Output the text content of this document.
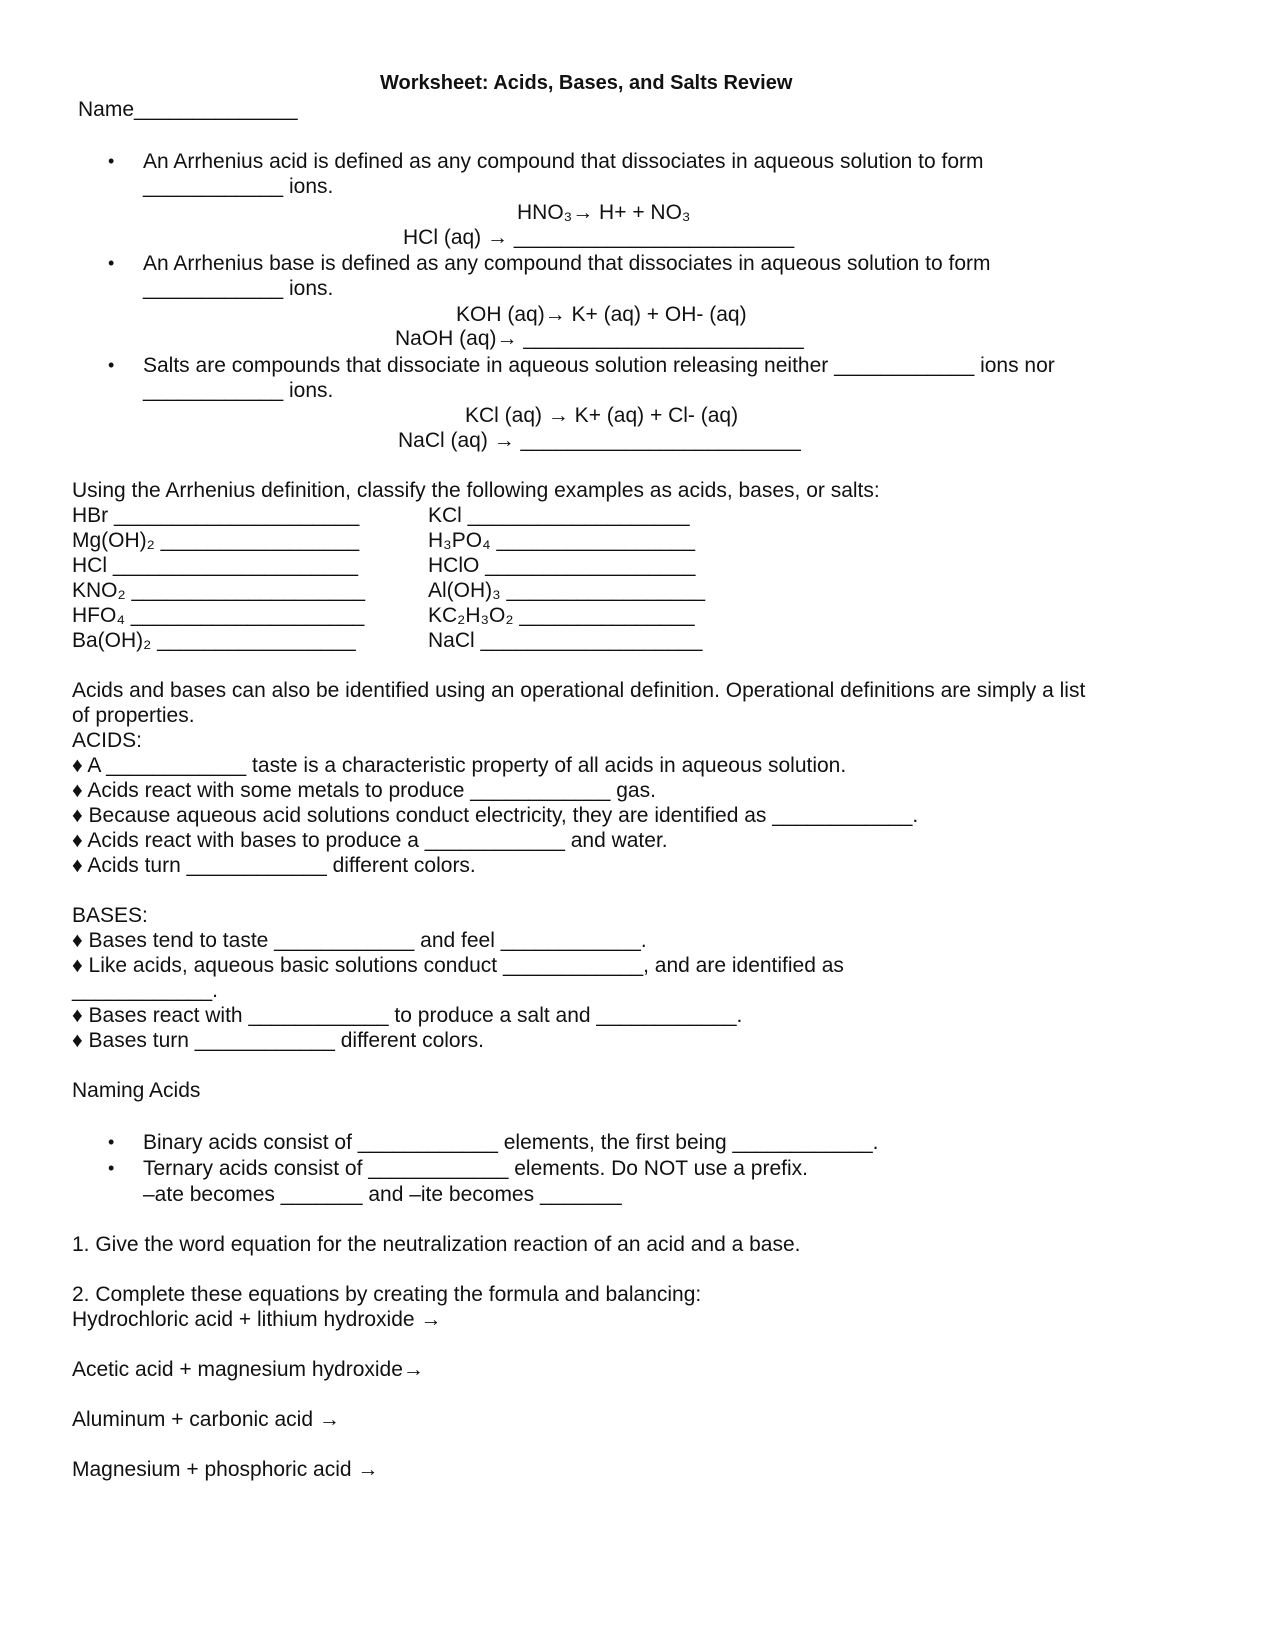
Worksheet: Acids, Bases, and Salts Review
Name______________
• An Arrhenius acid is defined as any compound that dissociates in aqueous solution to form
____________ ions.
HNO₃→ H+ + NO₃
HCl (aq) → ________________________
• An Arrhenius base is defined as any compound that dissociates in aqueous solution to form
____________ ions.
KOH (aq)→ K+ (aq) + OH- (aq)
NaOH (aq)→ ________________________
• Salts are compounds that dissociate in aqueous solution releasing neither ____________ ions nor
____________ ions.
KCl (aq) → K+ (aq) + Cl- (aq)
NaCl (aq) → ________________________
Using the Arrhenius definition, classify the following examples as acids, bases, or salts:
HBr _____________________
Mg(OH)₂ _________________
HCl _____________________
KNO₂ ____________________
HFO₄ ____________________
Ba(OH)₂ _________________
KCl ___________________
H₃PO₄ _________________
HClO __________________
Al(OH)₃ _________________
KC₂H₃O₂ _______________
NaCl ___________________
Acids and bases can also be identified using an operational definition. Operational definitions are simply a list
of properties.
ACIDS:
♦ A ____________ taste is a characteristic property of all acids in aqueous solution.
♦ Acids react with some metals to produce ____________ gas.
♦ Because aqueous acid solutions conduct electricity, they are identified as ____________.
♦ Acids react with bases to produce a ____________ and water.
♦ Acids turn ____________ different colors.
BASES:
♦ Bases tend to taste ____________ and feel ____________.
♦ Like acids, aqueous basic solutions conduct ____________, and are identified as
____________.
♦ Bases react with ____________ to produce a salt and ____________.
♦ Bases turn ____________ different colors.
Naming Acids
• Binary acids consist of ____________ elements, the first being ____________.
• Ternary acids consist of ____________ elements. Do NOT use a prefix.
–ate becomes _______ and –ite becomes _______
1. Give the word equation for the neutralization reaction of an acid and a base.
2. Complete these equations by creating the formula and balancing:
Hydrochloric acid + lithium hydroxide →
Acetic acid + magnesium hydroxide→
Aluminum + carbonic acid →
Magnesium + phosphoric acid →
